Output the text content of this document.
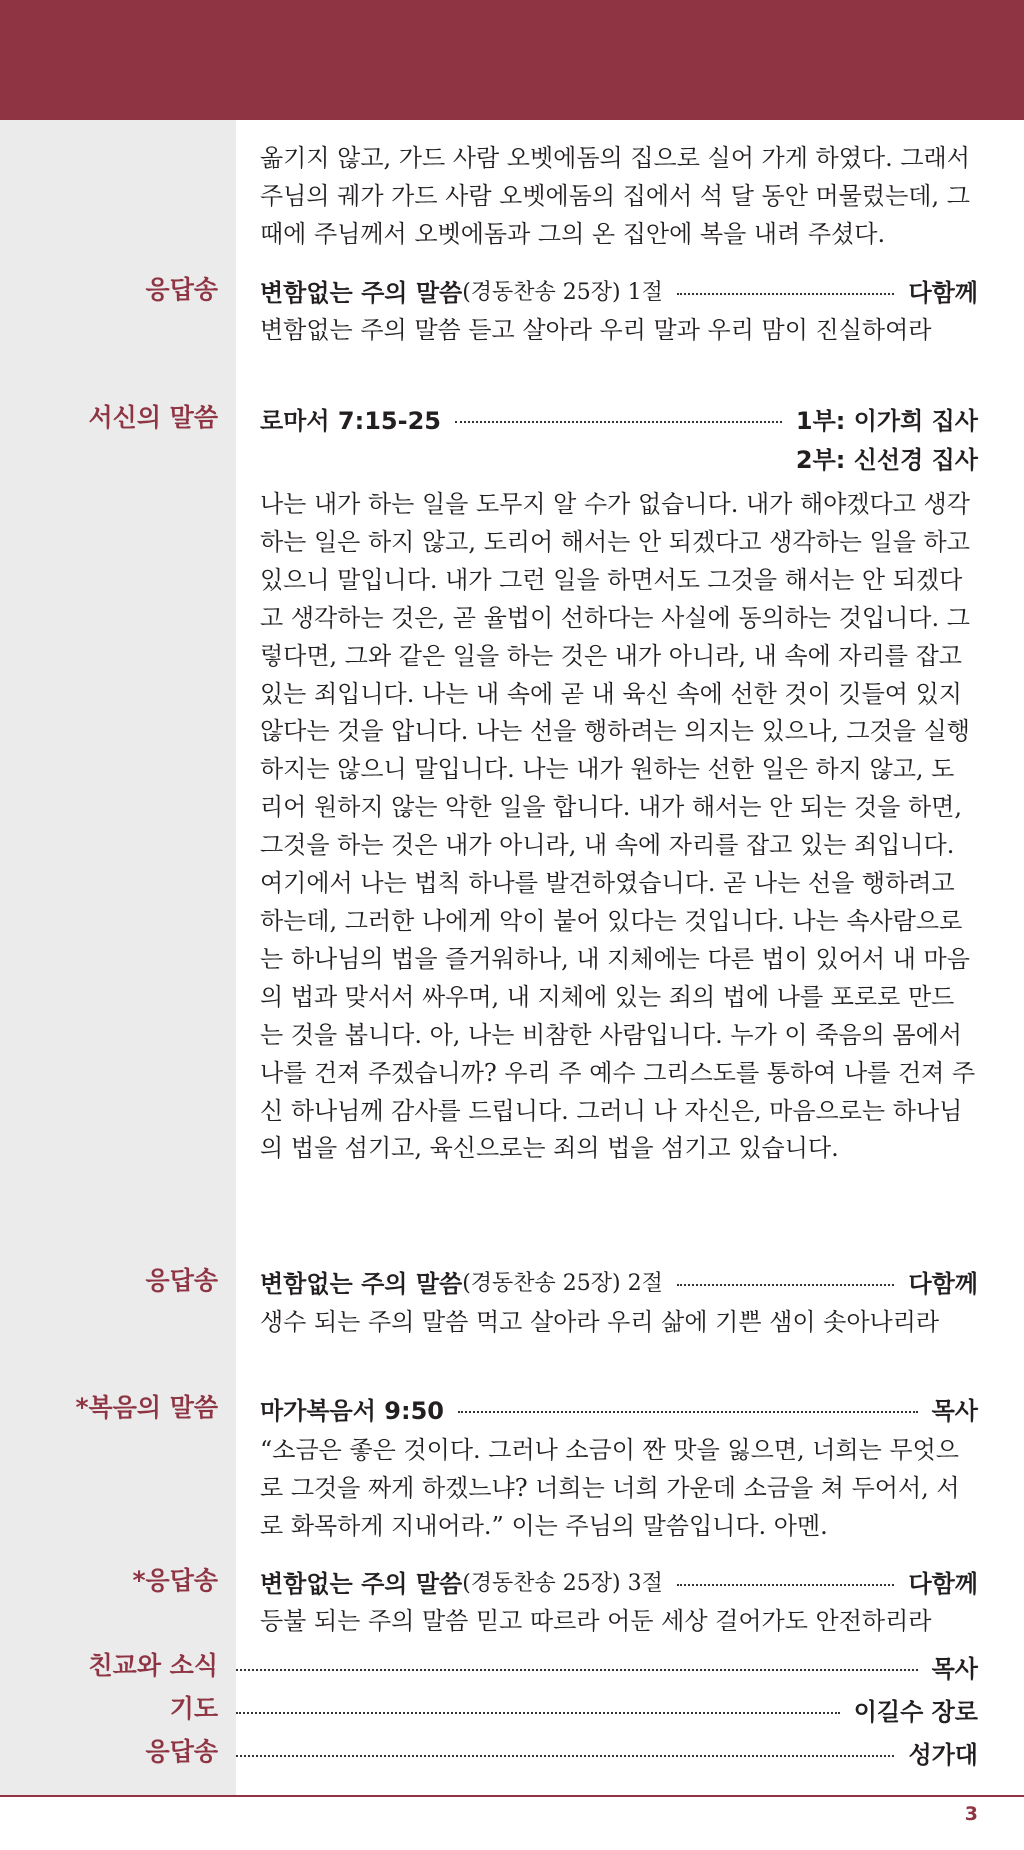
옮기지 않고, 가드 사람 오벳에돔의 집으로 실어 가게 하였다. 그래서
주님의 궤가 가드 사람 오벳에돔의 집에서 석 달 동안 머물렀는데, 그
때에 주님께서 오벳에돔과 그의 온 집안에 복을 내려 주셨다.
응답송 변함없는 주의 말씀 (경동찬송 25장) 1절	다함께
변함없는 주의 말씀 듣고 살아라 우리 말과 우리 맘이 진실하여라
서신의 말씀 로마서 7:15-25	1부: 이가희 집사
2부: 신선경 집사
나는 내가 하는 일을 도무지 알 수가 없습니다. 내가 해야겠다고 생각
하는 일은 하지 않고, 도리어 해서는 안 되겠다고 생각하는 일을 하고
있으니 말입니다. 내가 그런 일을 하면서도 그것을 해서는 안 되겠다
고 생각하는 것은, 곧 율법이 선하다는 사실에 동의하는 것입니다. 그
렇다면, 그와 같은 일을 하는 것은 내가 아니라, 내 속에 자리를 잡고
있는 죄입니다. 나는 내 속에 곧 내 육신 속에 선한 것이 깃들여 있지
않다는 것을 압니다. 나는 선을 행하려는 의지는 있으나, 그것을 실행
하지는 않으니 말입니다. 나는 내가 원하는 선한 일은 하지 않고, 도
리어 원하지 않는 악한 일을 합니다. 내가 해서는 안 되는 것을 하면,
그것을 하는 것은 내가 아니라, 내 속에 자리를 잡고 있는 죄입니다.
여기에서 나는 법칙 하나를 발견하였습니다. 곧 나는 선을 행하려고
하는데, 그러한 나에게 악이 붙어 있다는 것입니다. 나는 속사람으로
는 하나님의 법을 즐거워하나, 내 지체에는 다른 법이 있어서 내 마음
의 법과 맞서서 싸우며, 내 지체에 있는 죄의 법에 나를 포로로 만드
는 것을 봅니다. 아, 나는 비참한 사람입니다. 누가 이 죽음의 몸에서
나를 건져 주겠습니까? 우리 주 예수 그리스도를 통하여 나를 건져 주
신 하나님께 감사를 드립니다. 그러니 나 자신은, 마음으로는 하나님
의 법을 섬기고, 육신으로는 죄의 법을 섬기고 있습니다.
응답송 변함없는 주의 말씀 (경동찬송 25장) 2절	다함께
생수 되는 주의 말씀 먹고 살아라 우리 삶에 기쁜 샘이 솟아나리라
*복음의 말씀 마가복음서 9:50	목사
“소금은 좋은 것이다. 그러나 소금이 짠 맛을 잃으면, 너희는 무엇으
로 그것을 짜게 하겠느냐? 너희는 너희 가운데 소금을 쳐 두어서, 서
로 화목하게 지내어라.” 이는 주님의 말씀입니다. 아멘.
*응답송 변함없는 주의 말씀 (경동찬송 25장) 3절	다함께
등불 되는 주의 말씀 믿고 따르라 어둔 세상 걸어가도 안전하리라
친교와 소식	목사
기도	이길수 장로
응답송	성가대
3
